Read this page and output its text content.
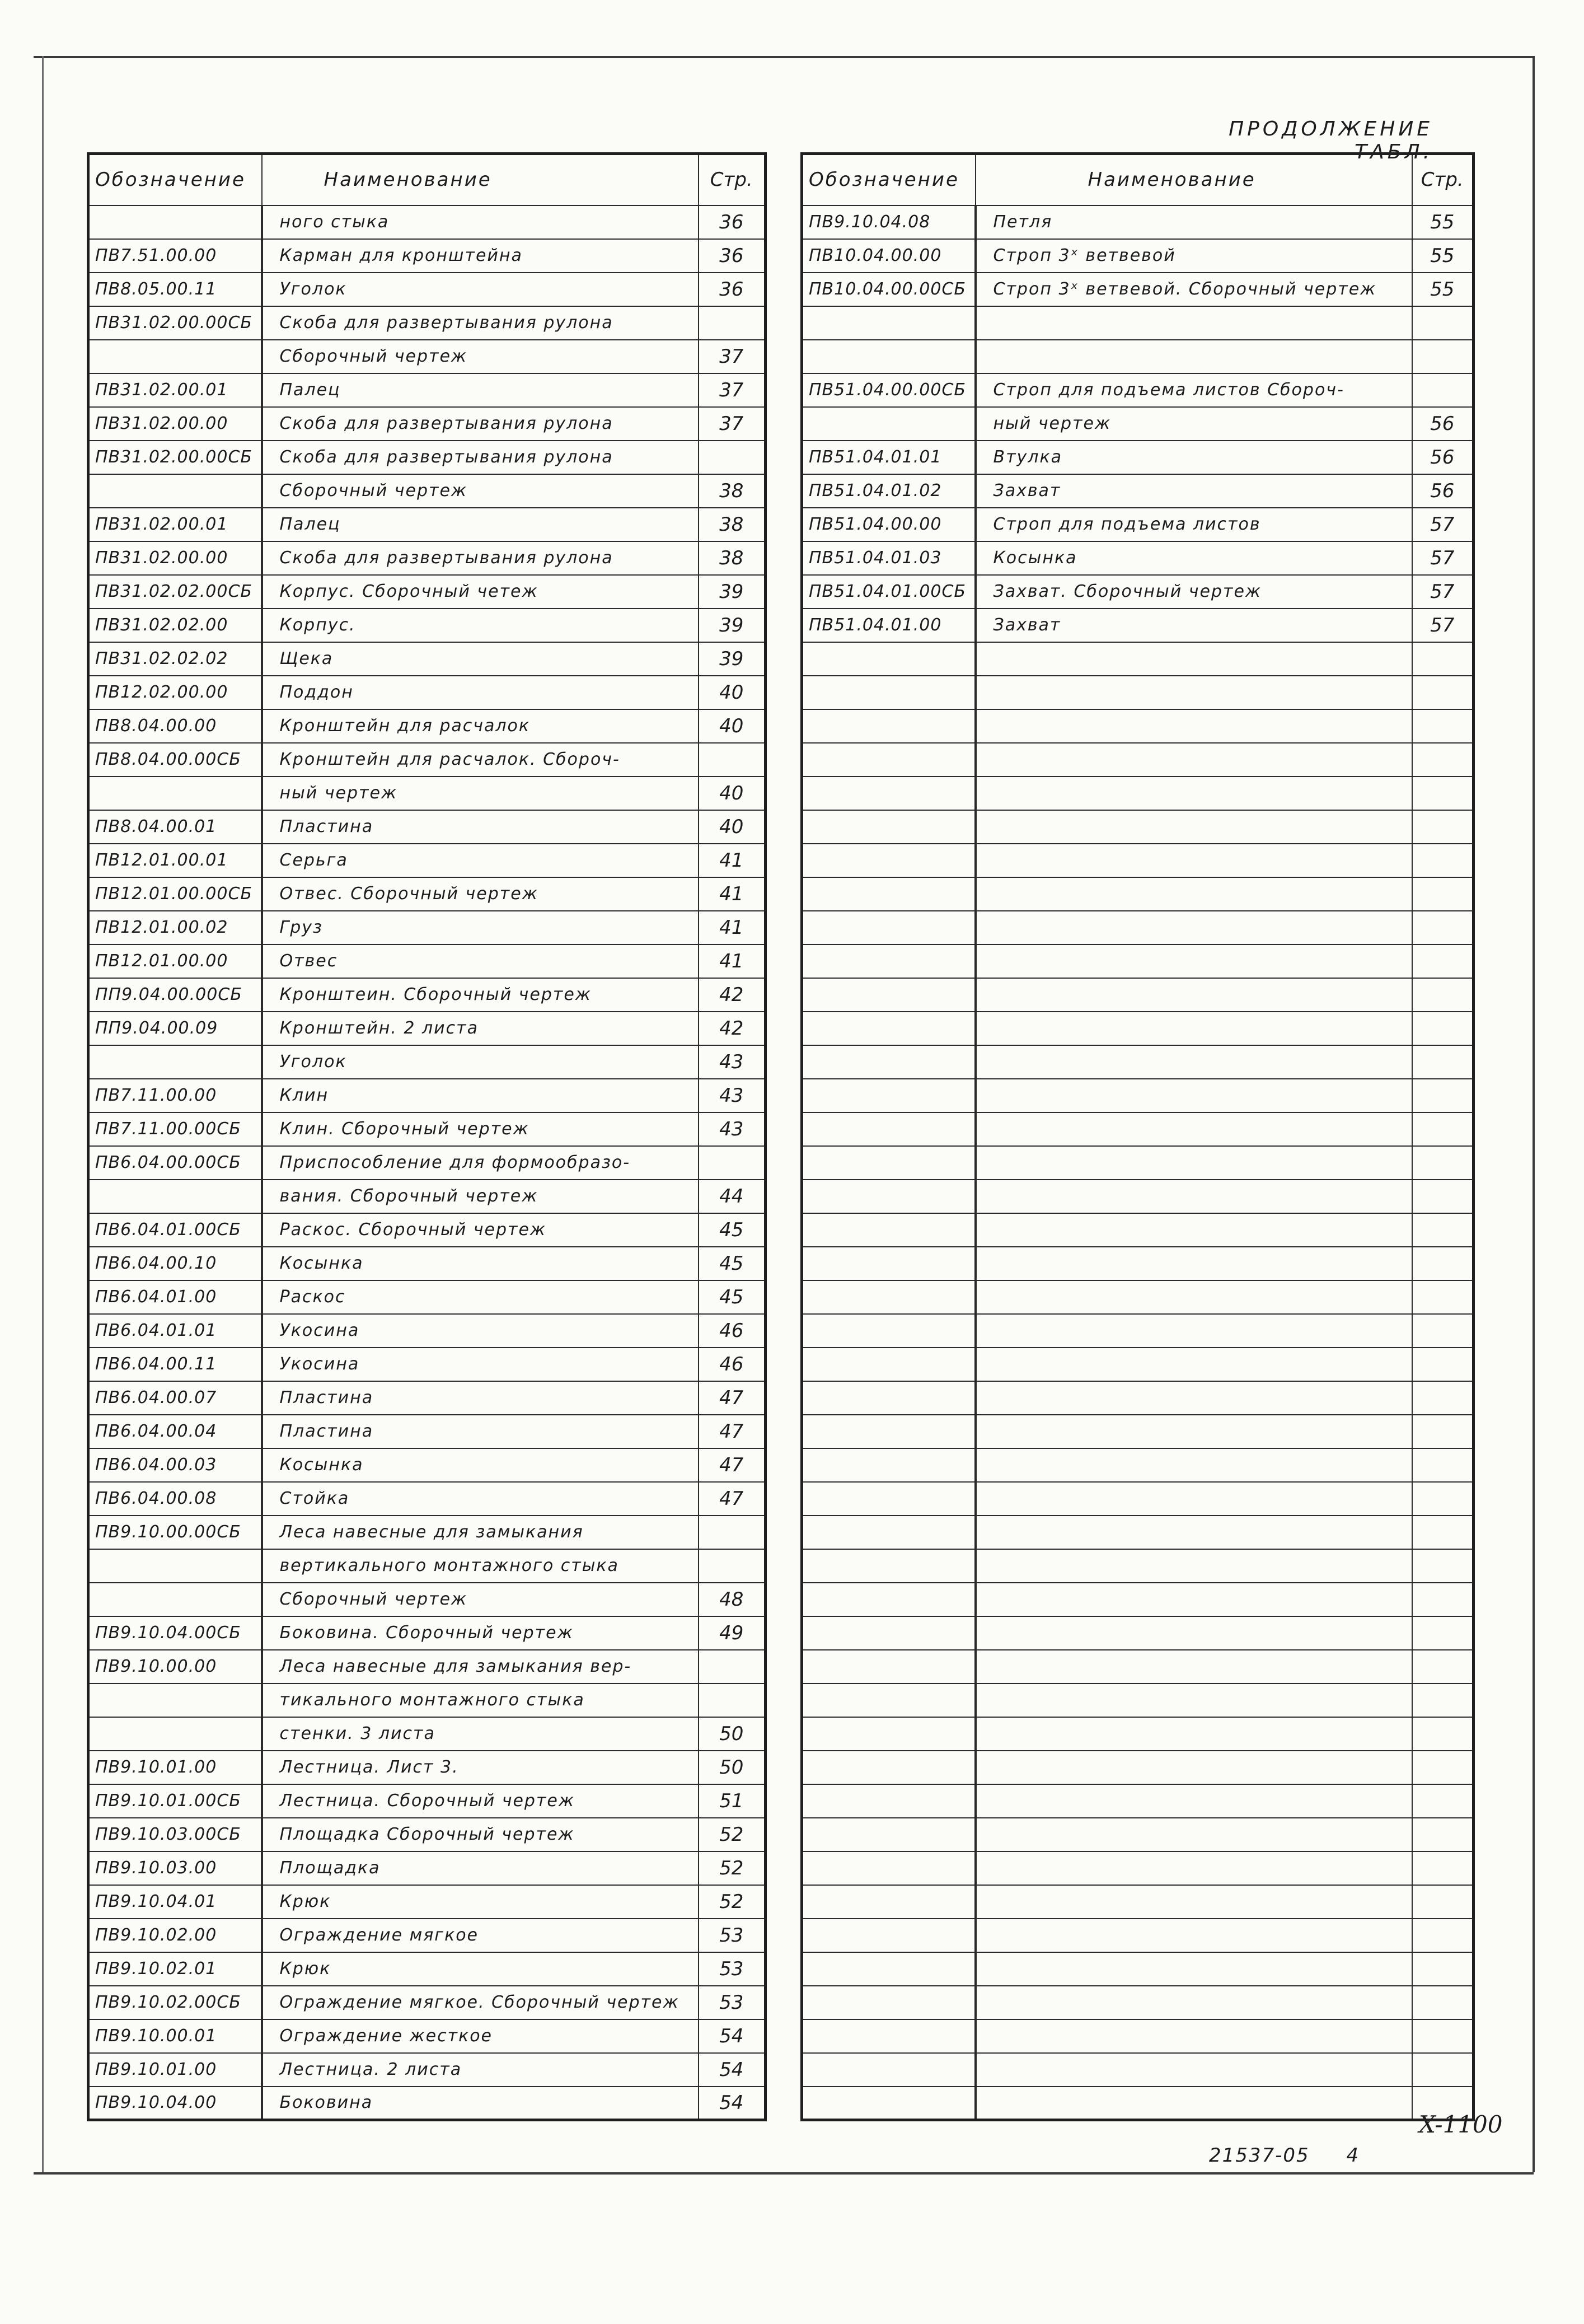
ПРОДОЛЖЕНИЕ ТАБЛ.
Обозначение	Наименование	Стр.
	ного стыка	36
ПВ7.51.00.00	Карман для кронштейна	36
ПВ8.05.00.11	Уголок	36
ПВ31.02.00.00СБ	Скоба для развертывания рулона	
	Сборочный чертеж	37
ПВ31.02.00.01	Палец	37
ПВ31.02.00.00	Скоба для развертывания рулона	37
ПВ31.02.00.00СБ	Скоба для развертывания рулона	
	Сборочный чертеж	38
ПВ31.02.00.01	Палец	38
ПВ31.02.00.00	Скоба для развертывания рулона	38
ПВ31.02.02.00СБ	Корпус. Сборочный четеж	39
ПВ31.02.02.00	Корпус.	39
ПВ31.02.02.02	Щека	39
ПВ12.02.00.00	Поддон	40
ПВ8.04.00.00	Кронштейн для расчалок	40
ПВ8.04.00.00СБ	Кронштейн для расчалок. Сбороч-	
	ный чертеж	40
ПВ8.04.00.01	Пластина	40
ПВ12.01.00.01	Серьга	41
ПВ12.01.00.00СБ	Отвес. Сборочный чертеж	41
ПВ12.01.00.02	Груз	41
ПВ12.01.00.00	Отвес	41
ПП9.04.00.00СБ	Кронштеин. Сборочный чертеж	42
ПП9.04.00.09	Кронштейн. 2 листа	42
	Уголок	43
ПВ7.11.00.00	Клин	43
ПВ7.11.00.00СБ	Клин. Сборочный чертеж	43
ПВ6.04.00.00СБ	Приспособление для формообразо-	
	вания. Сборочный чертеж	44
ПВ6.04.01.00СБ	Раскос. Сборочный чертеж	45
ПВ6.04.00.10	Косынка	45
ПВ6.04.01.00	Раскос	45
ПВ6.04.01.01	Укосина	46
ПВ6.04.00.11	Укосина	46
ПВ6.04.00.07	Пластина	47
ПВ6.04.00.04	Пластина	47
ПВ6.04.00.03	Косынка	47
ПВ6.04.00.08	Стойка	47
ПВ9.10.00.00СБ	Леса навесные для замыкания	
	вертикального монтажного стыка	
	Сборочный чертеж	48
ПВ9.10.04.00СБ	Боковина. Сборочный чертеж	49
ПВ9.10.00.00	Леса навесные для замыкания вер-	
	тикального монтажного стыка	
	стенки. 3 листа	50
ПВ9.10.01.00	Лестница. Лист 3.	50
ПВ9.10.01.00СБ	Лестница. Сборочный чертеж	51
ПВ9.10.03.00СБ	Площадка Сборочный чертеж	52
ПВ9.10.03.00	Площадка	52
ПВ9.10.04.01	Крюк	52
ПВ9.10.02.00	Ограждение мягкое	53
ПВ9.10.02.01	Крюк	53
ПВ9.10.02.00СБ	Ограждение мягкое. Сборочный чертеж	53
ПВ9.10.00.01	Ограждение жесткое	54
ПВ9.10.01.00	Лестница. 2 листа	54
ПВ9.10.04.00	Боковина	54
Обозначение	Наименование	Стр.
ПВ9.10.04.08	Петля	55
ПВ10.04.00.00	Строп 3ˣ ветвевой	55
ПВ10.04.00.00СБ	Строп 3ˣ ветвевой. Сборочный чертеж	55

ПВ51.04.00.00СБ	Строп для подъема листов Сбороч-	
	ный чертеж	56
ПВ51.04.01.01	Втулка	56
ПВ51.04.01.02	Захват	56
ПВ51.04.00.00	Строп для подъема листов	57
ПВ51.04.01.03	Косынка	57
ПВ51.04.01.00СБ	Захват. Сборочный чертеж	57
ПВ51.04.01.00	Захват	57

21537-05 4
X-1100
